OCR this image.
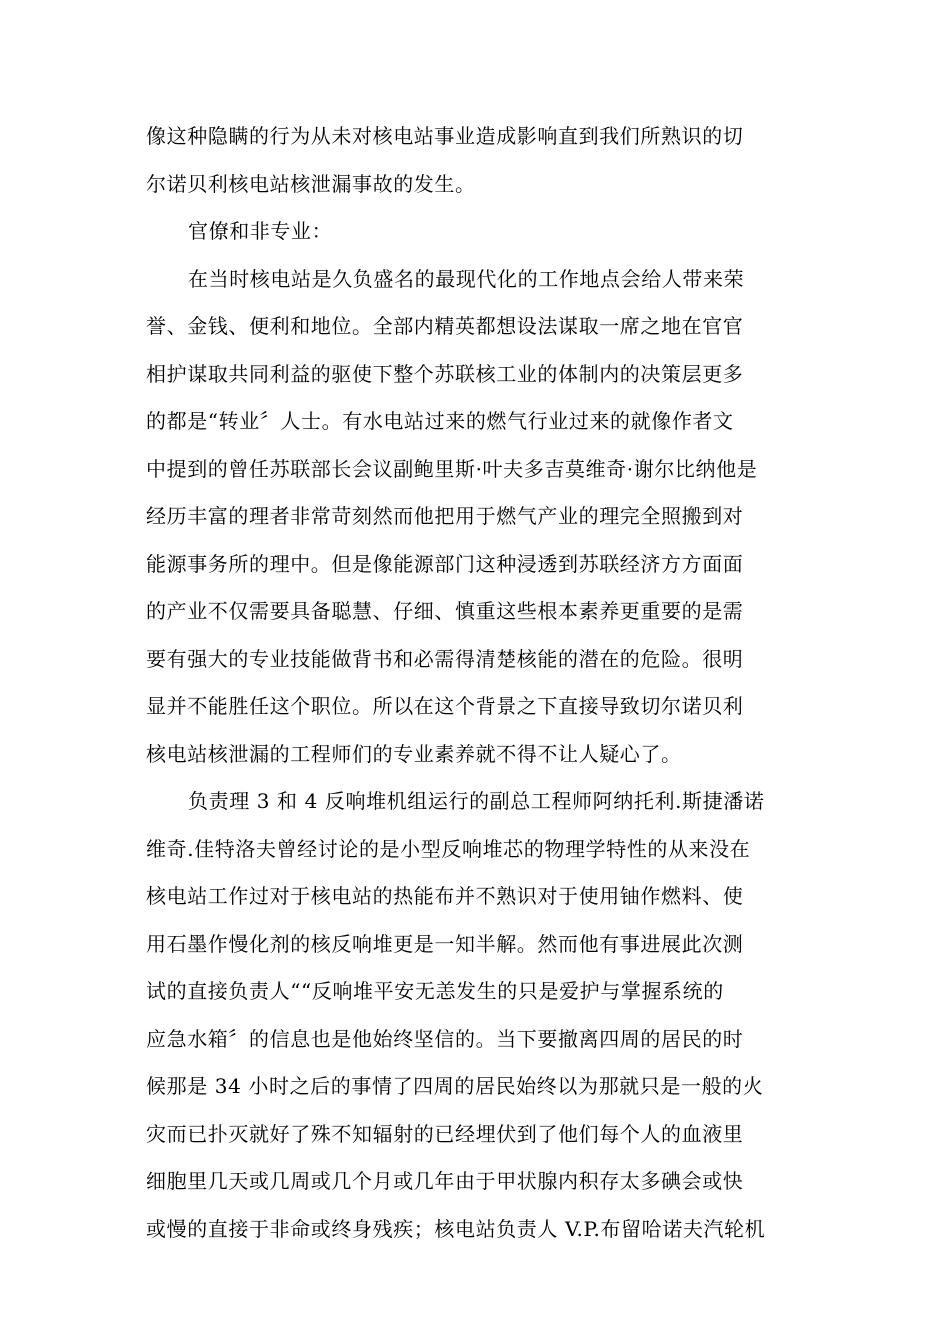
像这种隐瞒的行为从未对核电站事业造成影响直到我们所熟识的切
尔诺贝利核电站核泄漏事故的发生。
官僚和非专业：
在当时核电站是久负盛名的最现代化的工作地点会给人带来荣
誉、金钱、便利和地位。全部内精英都想设法谋取一席之地在官官
相护谋取共同利益的驱使下整个苏联核工业的体制内的决策层更多
的都是“转业〞人士。有水电站过来的燃气行业过来的就像作者文
中提到的曾任苏联部长会议副鲍里斯·叶夫多吉莫维奇·谢尔比纳他是
经历丰富的理者非常苛刻然而他把用于燃气产业的理完全照搬到对
能源事务所的理中。但是像能源部门这种浸透到苏联经济方方面面
的产业不仅需要具备聪慧、仔细、慎重这些根本素养更重要的是需
要有强大的专业技能做背书和必需得清楚核能的潜在的危险。很明
显并不能胜任这个职位。所以在这个背景之下直接导致切尔诺贝利
核电站核泄漏的工程师们的专业素养就不得不让人疑心了。
负责理 3 和 4 反响堆机组运行的副总工程师阿纳托利.斯捷潘诺
维奇.佳特洛夫曾经讨论的是小型反响堆芯的物理学特性的从来没在
核电站工作过对于核电站的热能布并不熟识对于使用铀作燃料、使
用石墨作慢化剂的核反响堆更是一知半解。然而他有事进展此次测
试的直接负责人““反响堆平安无恙发生的只是爱护与掌握系统的
应急水箱〞的信息也是他始终坚信的。当下要撤离四周的居民的时
候那是 34 小时之后的事情了四周的居民始终以为那就只是一般的火
灾而已扑灭就好了殊不知辐射的已经埋伏到了他们每个人的血液里
细胞里几天或几周或几个月或几年由于甲状腺内积存太多碘会或快
或慢的直接于非命或终身残疾；核电站负责人 V.P.布留哈诺夫汽轮机
